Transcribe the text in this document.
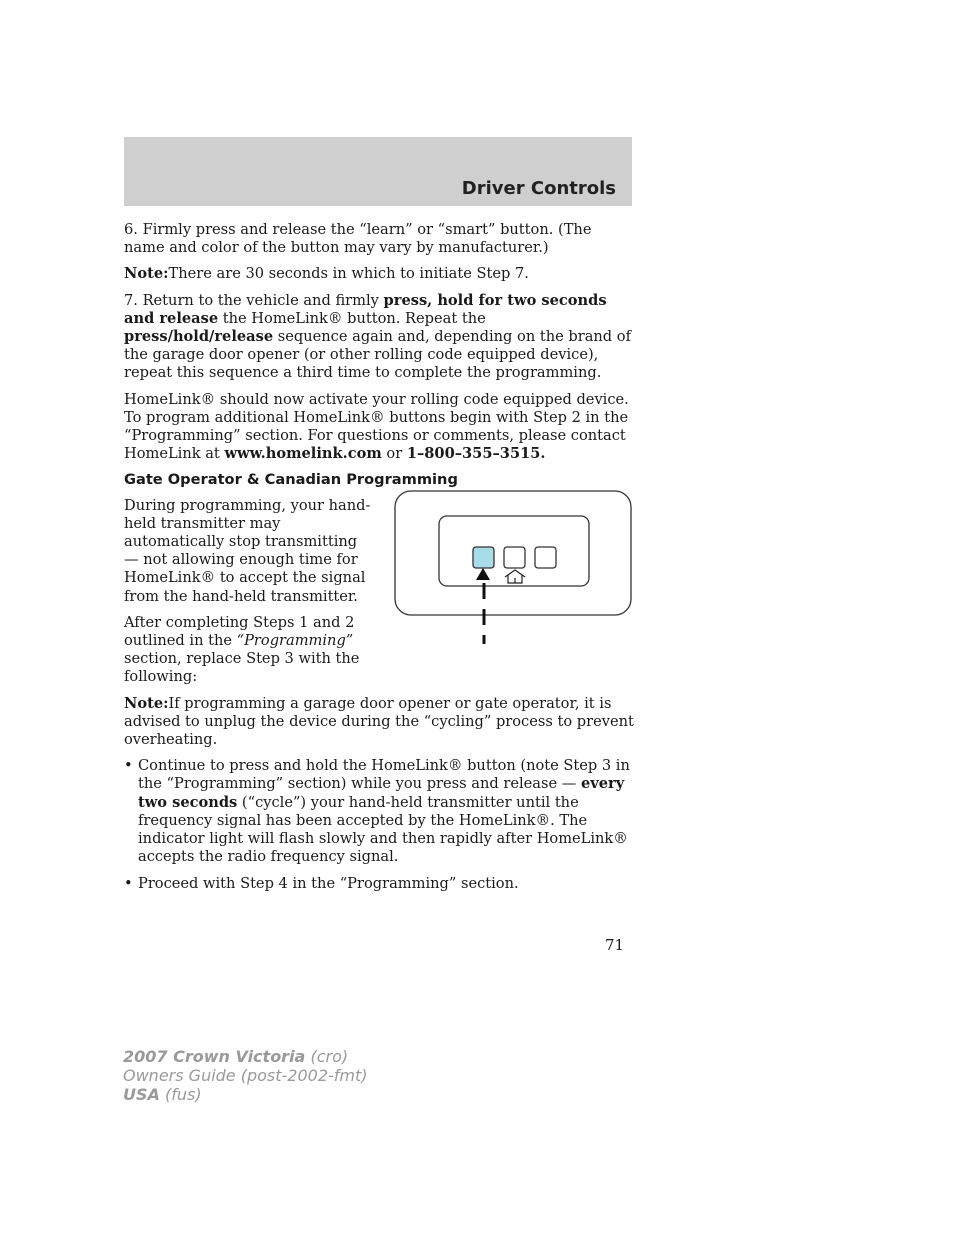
Driver Controls

6. Firmly press and release the “learn” or “smart” button. (The name and color of the button may vary by manufacturer.)

Note:There are 30 seconds in which to initiate Step 7.

7. Return to the vehicle and firmly press, hold for two seconds and release the HomeLink® button. Repeat the press/hold/release sequence again and, depending on the brand of the garage door opener (or other rolling code equipped device), repeat this sequence a third time to complete the programming.

HomeLink® should now activate your rolling code equipped device. To program additional HomeLink® buttons begin with Step 2 in the “Programming” section. For questions or comments, please contact HomeLink at www.homelink.com or 1–800–355–3515.

Gate Operator & Canadian Programming

During programming, your hand-held transmitter may automatically stop transmitting — not allowing enough time for HomeLink® to accept the signal from the hand-held transmitter.

After completing Steps 1 and 2 outlined in the “Programming” section, replace Step 3 with the following:

Note:If programming a garage door opener or gate operator, it is advised to unplug the device during the “cycling” process to prevent overheating.

• Continue to press and hold the HomeLink® button (note Step 3 in the “Programming” section) while you press and release — every two seconds (“cycle”) your hand-held transmitter until the frequency signal has been accepted by the HomeLink®. The indicator light will flash slowly and then rapidly after HomeLink® accepts the radio frequency signal.
• Proceed with Step 4 in the “Programming” section.
71
2007 Crown Victoria (cro)
Owners Guide (post-2002-fmt)
USA (fus)
